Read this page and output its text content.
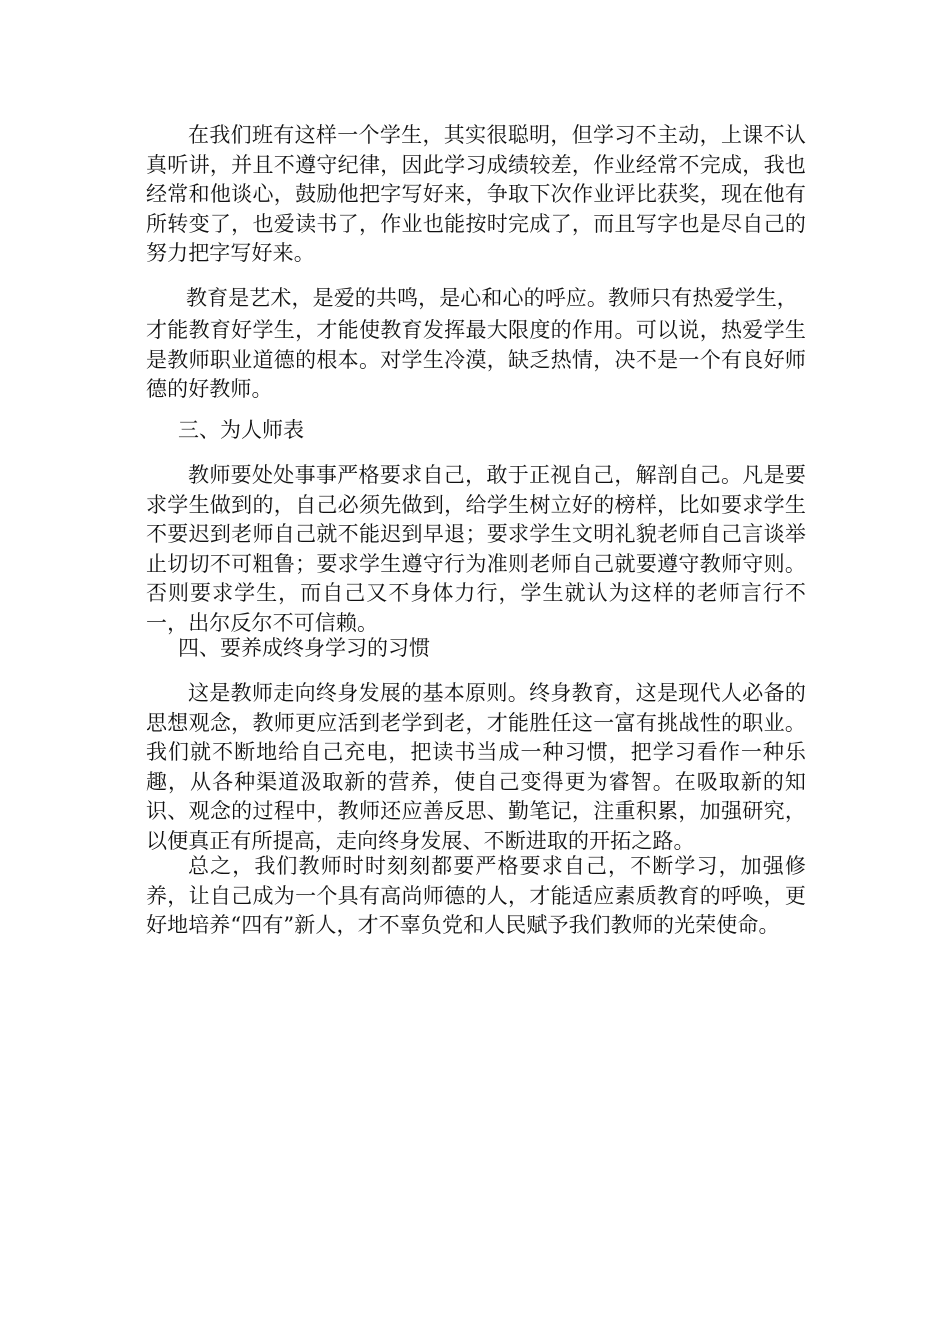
在我们班有这样一个学生，其实很聪明，但学习不主动，上课不认真听讲，并且不遵守纪律，因此学习成绩较差，作业经常不完成，我也经常和他谈心，鼓励他把字写好来，争取下次作业评比获奖，现在他有所转变了，也爱读书了，作业也能按时完成了，而且写字也是尽自己的努力把字写好来。

教育是艺术，是爱的共鸣，是心和心的呼应。教师只有热爱学生，

才能教育好学生，才能使教育发挥最大限度的作用。可以说，热爱学生是教师职业道德的根本。对学生冷漠，缺乏热情，决不是一个有良好师德的好教师。

三、为人师表

教师要处处事事严格要求自己，敢于正视自己，解剖自己。凡是要求学生做到的，自己必须先做到，给学生树立好的榜样，比如要求学生不要迟到老师自己就不能迟到早退；要求学生文明礼貌老师自己言谈举止切切不可粗鲁；要求学生遵守行为准则老师自己就要遵守教师守则。否则要求学生，而自己又不身体力行，学生就认为这样的老师言行不一，出尔反尔不可信赖。

四、要养成终身学习的习惯

这是教师走向终身发展的基本原则。终身教育，这是现代人必备的思想观念，教师更应活到老学到老，才能胜任这一富有挑战性的职业。我们就不断地给自己充电，把读书当成一种习惯，把学习看作一种乐趣，从各种渠道汲取新的营养，使自己变得更为睿智。在吸取新的知识、观念的过程中，教师还应善反思、勤笔记，注重积累，加强研究，以便真正有所提高，走向终身发展、不断进取的开拓之路。

总之，我们教师时时刻刻都要严格要求自己，不断学习，加强修养，让自己成为一个具有高尚师德的人，才能适应素质教育的呼唤，更好地培养“四有”新人，才不辜负党和人民赋予我们教师的光荣使命。
